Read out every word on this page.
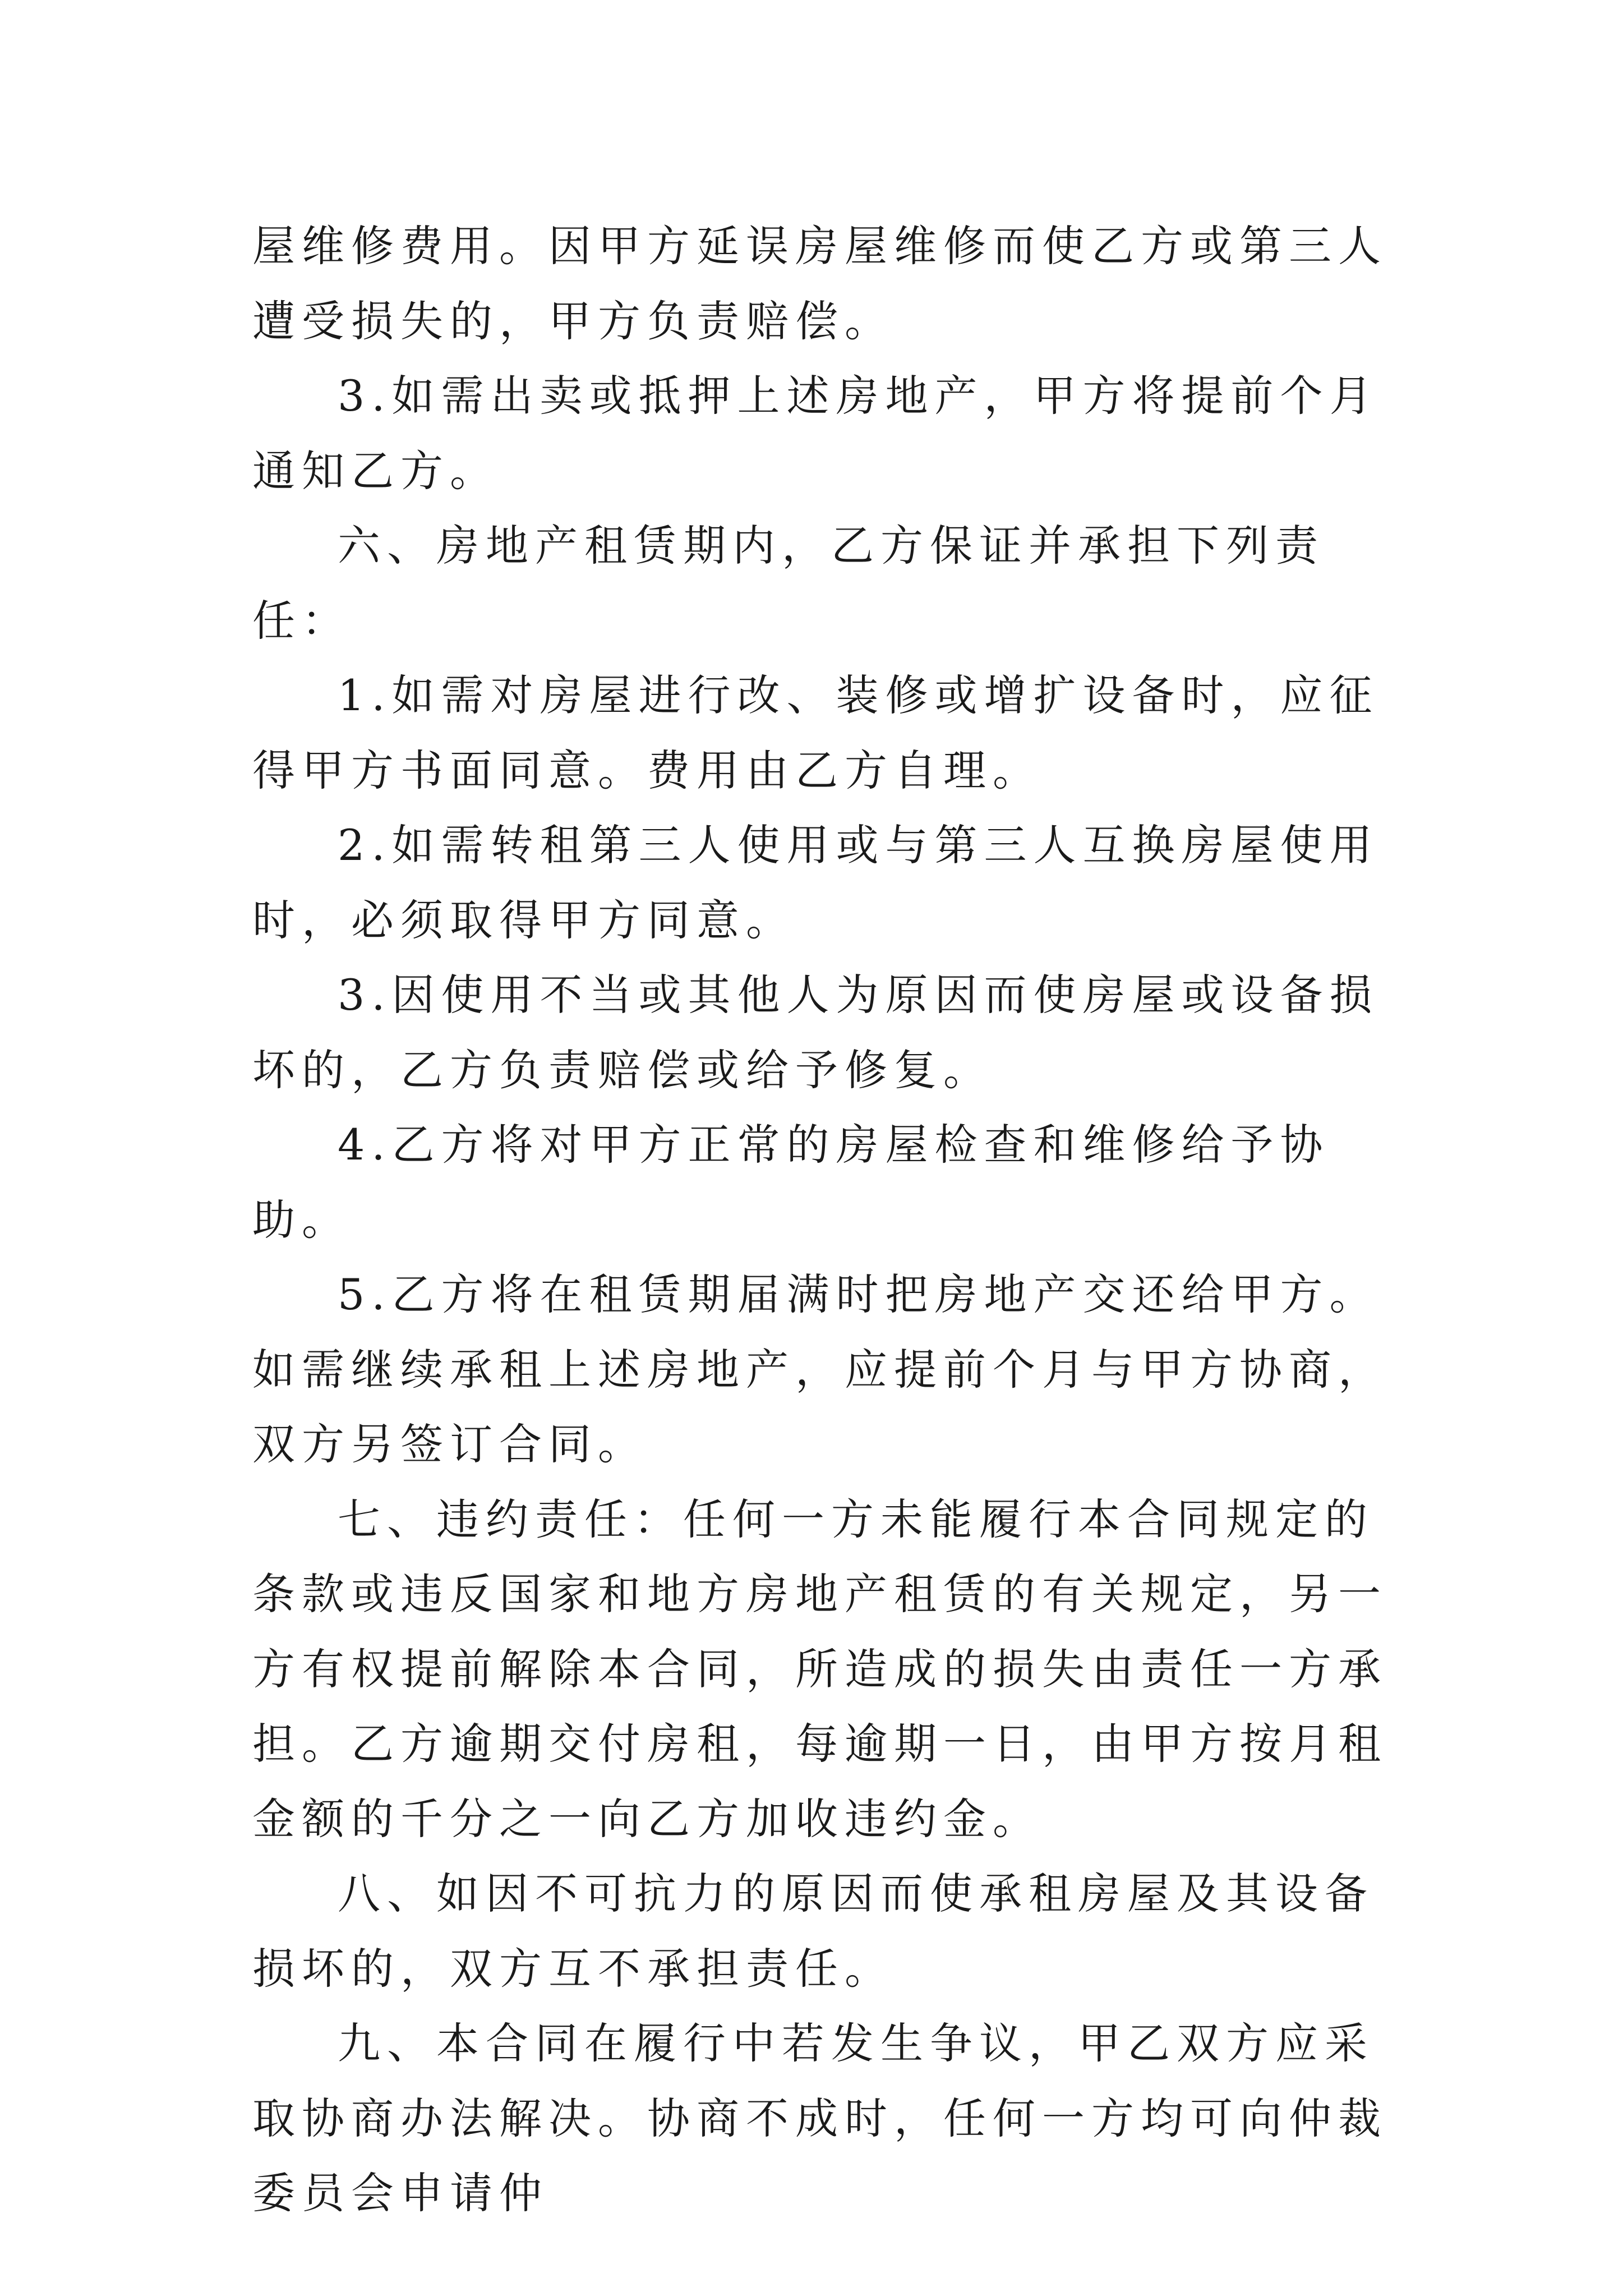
屋维修费用。因甲方延误房屋维修而使乙方或第三人遭受损失的，甲方负责赔偿。

3.如需出卖或抵押上述房地产，甲方将提前个月通知乙方。

六、房地产租赁期内，乙方保证并承担下列责任：

1.如需对房屋进行改、装修或增扩设备时，应征得甲方书面同意。费用由乙方自理。

2.如需转租第三人使用或与第三人互换房屋使用时，必须取得甲方同意。

3.因使用不当或其他人为原因而使房屋或设备损坏的，乙方负责赔偿或给予修复。

4.乙方将对甲方正常的房屋检查和维修给予协助。

5.乙方将在租赁期届满时把房地产交还给甲方。如需继续承租上述房地产，应提前个月与甲方协商，双方另签订合同。

七、违约责任：任何一方未能履行本合同规定的条款或违反国家和地方房地产租赁的有关规定，另一方有权提前解除本合同，所造成的损失由责任一方承担。乙方逾期交付房租，每逾期一日，由甲方按月租金额的千分之一向乙方加收违约金。

八、如因不可抗力的原因而使承租房屋及其设备损坏的，双方互不承担责任。

九、本合同在履行中若发生争议，甲乙双方应采取协商办法解决。协商不成时，任何一方均可向仲裁委员会申请仲
